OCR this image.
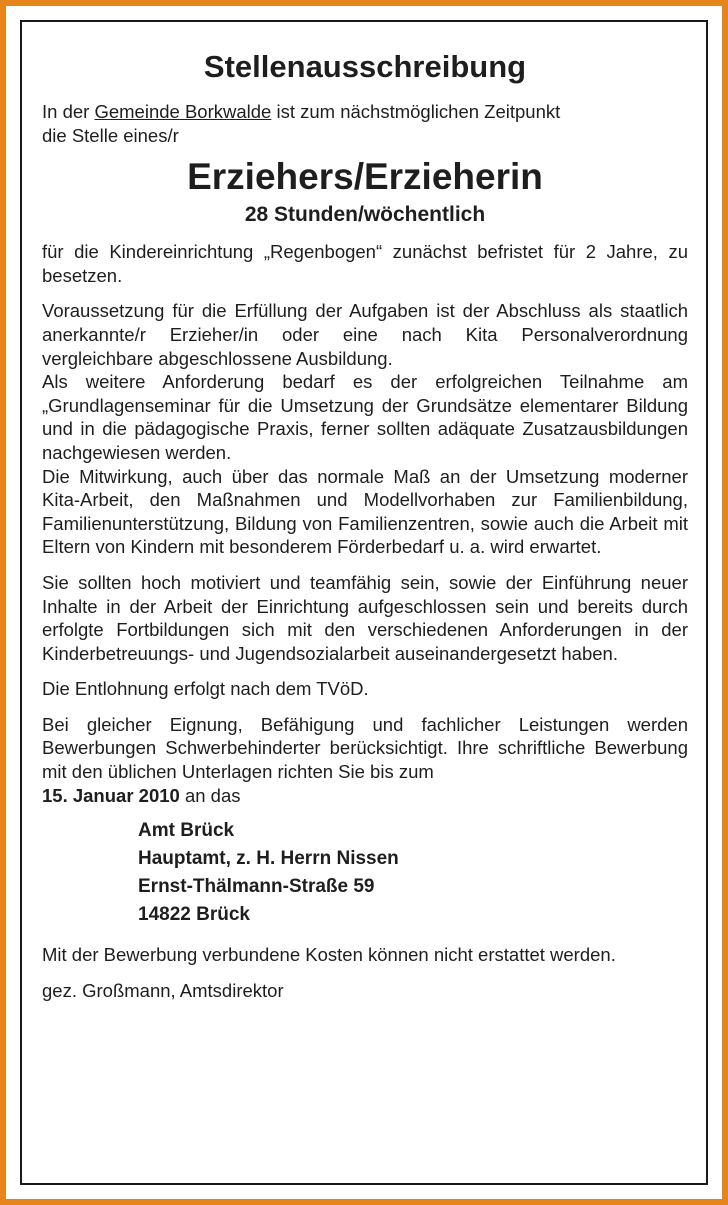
Stellenausschreibung

In der Gemeinde Borkwalde ist zum nächstmöglichen Zeitpunkt

die Stelle eines/r

Erziehers/Erzieherin
28 Stunden/wöchentlich

für die Kindereinrichtung „Regenbogen“ zunächst befristet für 2 Jahre, zu besetzen.

Voraussetzung für die Erfüllung der Aufgaben ist der Abschluss als staatlich anerkannte/r Erzieher/in oder eine nach Kita Personalverordnung vergleichbare abgeschlossene Ausbildung.

Als weitere Anforderung bedarf es der erfolgreichen Teilnahme am „Grundlagenseminar für die Umsetzung der Grundsätze elementarer Bildung und in die pädagogische Praxis, ferner sollten adäquate Zusatzausbildungen nachgewiesen werden.

Die Mitwirkung, auch über das normale Maß an der Umsetzung moderner Kita-Arbeit, den Maßnahmen und Modellvorhaben zur Familienbildung, Familienunterstützung, Bildung von Familienzentren, sowie auch die Arbeit mit Eltern von Kindern mit besonderem Förderbedarf u. a. wird erwartet.

Sie sollten hoch motiviert und teamfähig sein, sowie der Einführung neuer Inhalte in der Arbeit der Einrichtung aufgeschlossen sein und bereits durch erfolgte Fortbildungen sich mit den verschiedenen Anforderungen in der Kinderbetreuungs- und Jugendsozialarbeit auseinandergesetzt haben.

Die Entlohnung erfolgt nach dem TVöD.

Bei gleicher Eignung, Befähigung und fachlicher Leistungen werden Bewerbungen Schwerbehinderter berücksichtigt. Ihre schriftliche Bewerbung mit den üblichen Unterlagen richten Sie bis zum
15. Januar 2010 an das

Amt Brück
Hauptamt, z. H. Herrn Nissen
Ernst-Thälmann-Straße 59
14822 Brück

Mit der Bewerbung verbundene Kosten können nicht erstattet werden.

gez. Großmann, Amtsdirektor
